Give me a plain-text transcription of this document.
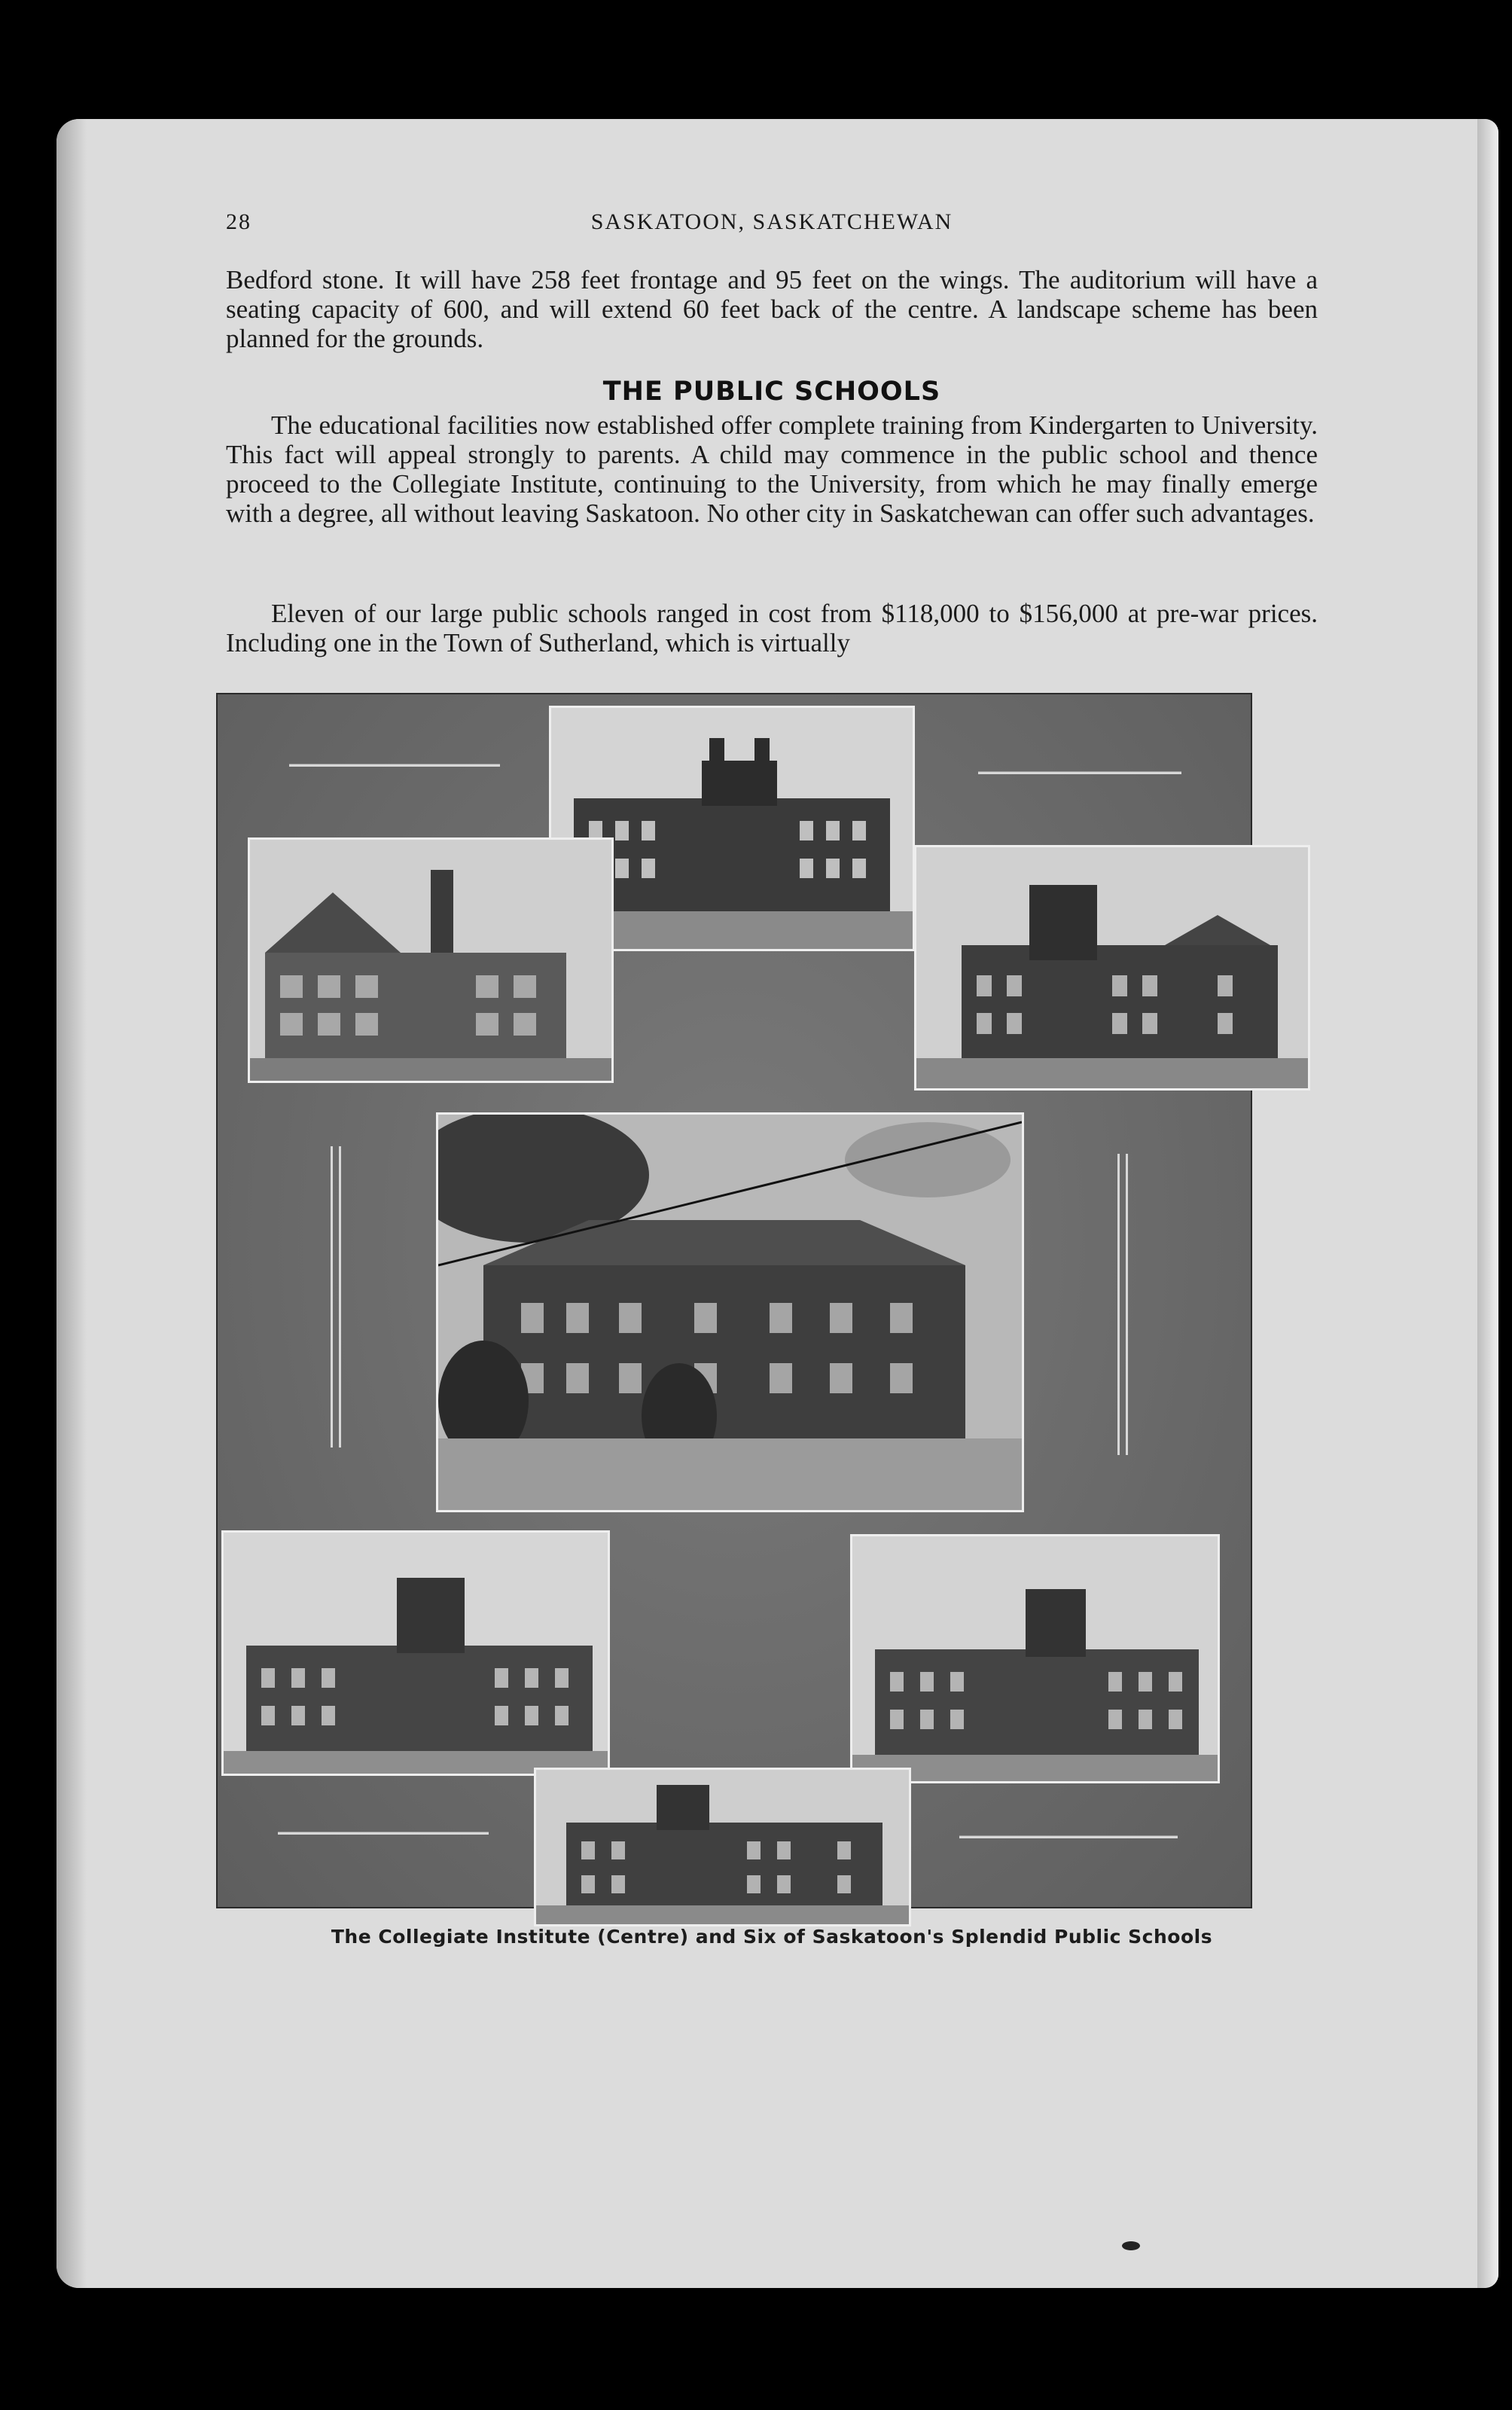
28	SASKATOON, SASKATCHEWAN

Bedford stone. It will have 258 feet frontage and 95 feet on the wings. The auditorium will have a seating capacity of 600, and will extend 60 feet back of the centre. A landscape scheme has been planned for the grounds.

THE PUBLIC SCHOOLS

The educational facilities now established offer complete training from Kindergarten to University. This fact will appeal strongly to parents. A child may commence in the public school and thence proceed to the Collegiate Institute, continuing to the University, from which he may finally emerge with a degree, all without leaving Saskatoon. No other city in Saskatchewan can offer such advantages.

Eleven of our large public schools ranged in cost from $118,000 to $156,000 at pre-war prices. Including one in the Town of Sutherland, which is virtually

The Collegiate Institute (Centre) and Six of Saskatoon's Splendid Public Schools
